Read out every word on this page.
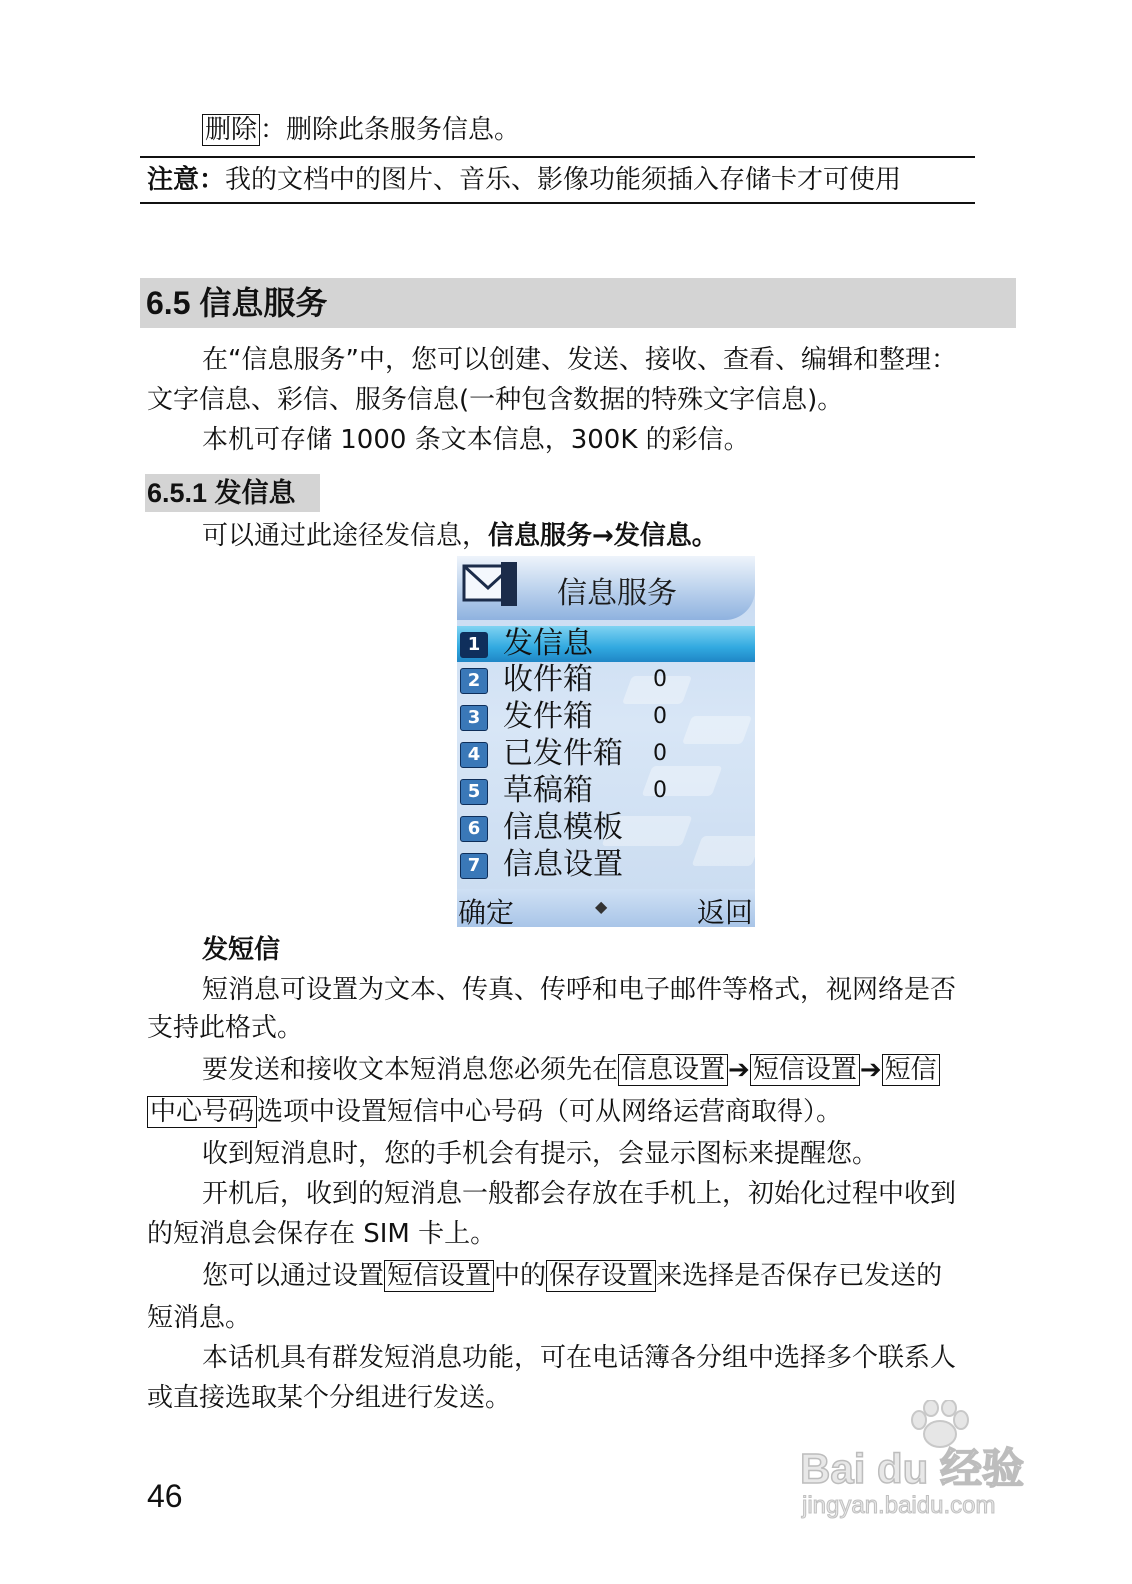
删除 ：删除此条服务信息。
注意：我的文档中的图片、音乐、影像功能须插入存储卡才可使用
6.5 信息服务
在“信息服务”中，您可以创建、发送、接收、查看、编辑和整理：
文字信息、彩信、服务信息(一种包含数据的特殊文字信息)。
本机可存储 1000 条文本信息，300K 的彩信。
6.5.1 发信息
可以通过此途径发信息，信息服务→发信息。
信息服务
1 发信息
2 收件箱	0
3 发件箱	0
4 已发件箱 0
5 草稿箱	0
6 信息模板
7 信息设置
确定	◆	返回
发短信
短消息可设置为文本、传真、传呼和电子邮件等格式，视网络是否
支持此格式。
要发送和接收文本短消息您必须先在 信息设置 ➔ 短信设置 ➔ 短信
中心号码 选项中设置短信中心号码（可从网络运营商取得）。
收到短消息时，您的手机会有提示，会显示图标来提醒您。
开机后，收到的短消息一般都会存放在手机上，初始化过程中收到
的短消息会保存在 SIM 卡上。
您可以通过设置 短信设置 中的 保存设置 来选择是否保存已发送的
短消息。
本话机具有群发短消息功能，可在电话簿各分组中选择多个联系人
或直接选取某个分组进行发送。
46
Bai du 经验
jingyan.baidu.com
